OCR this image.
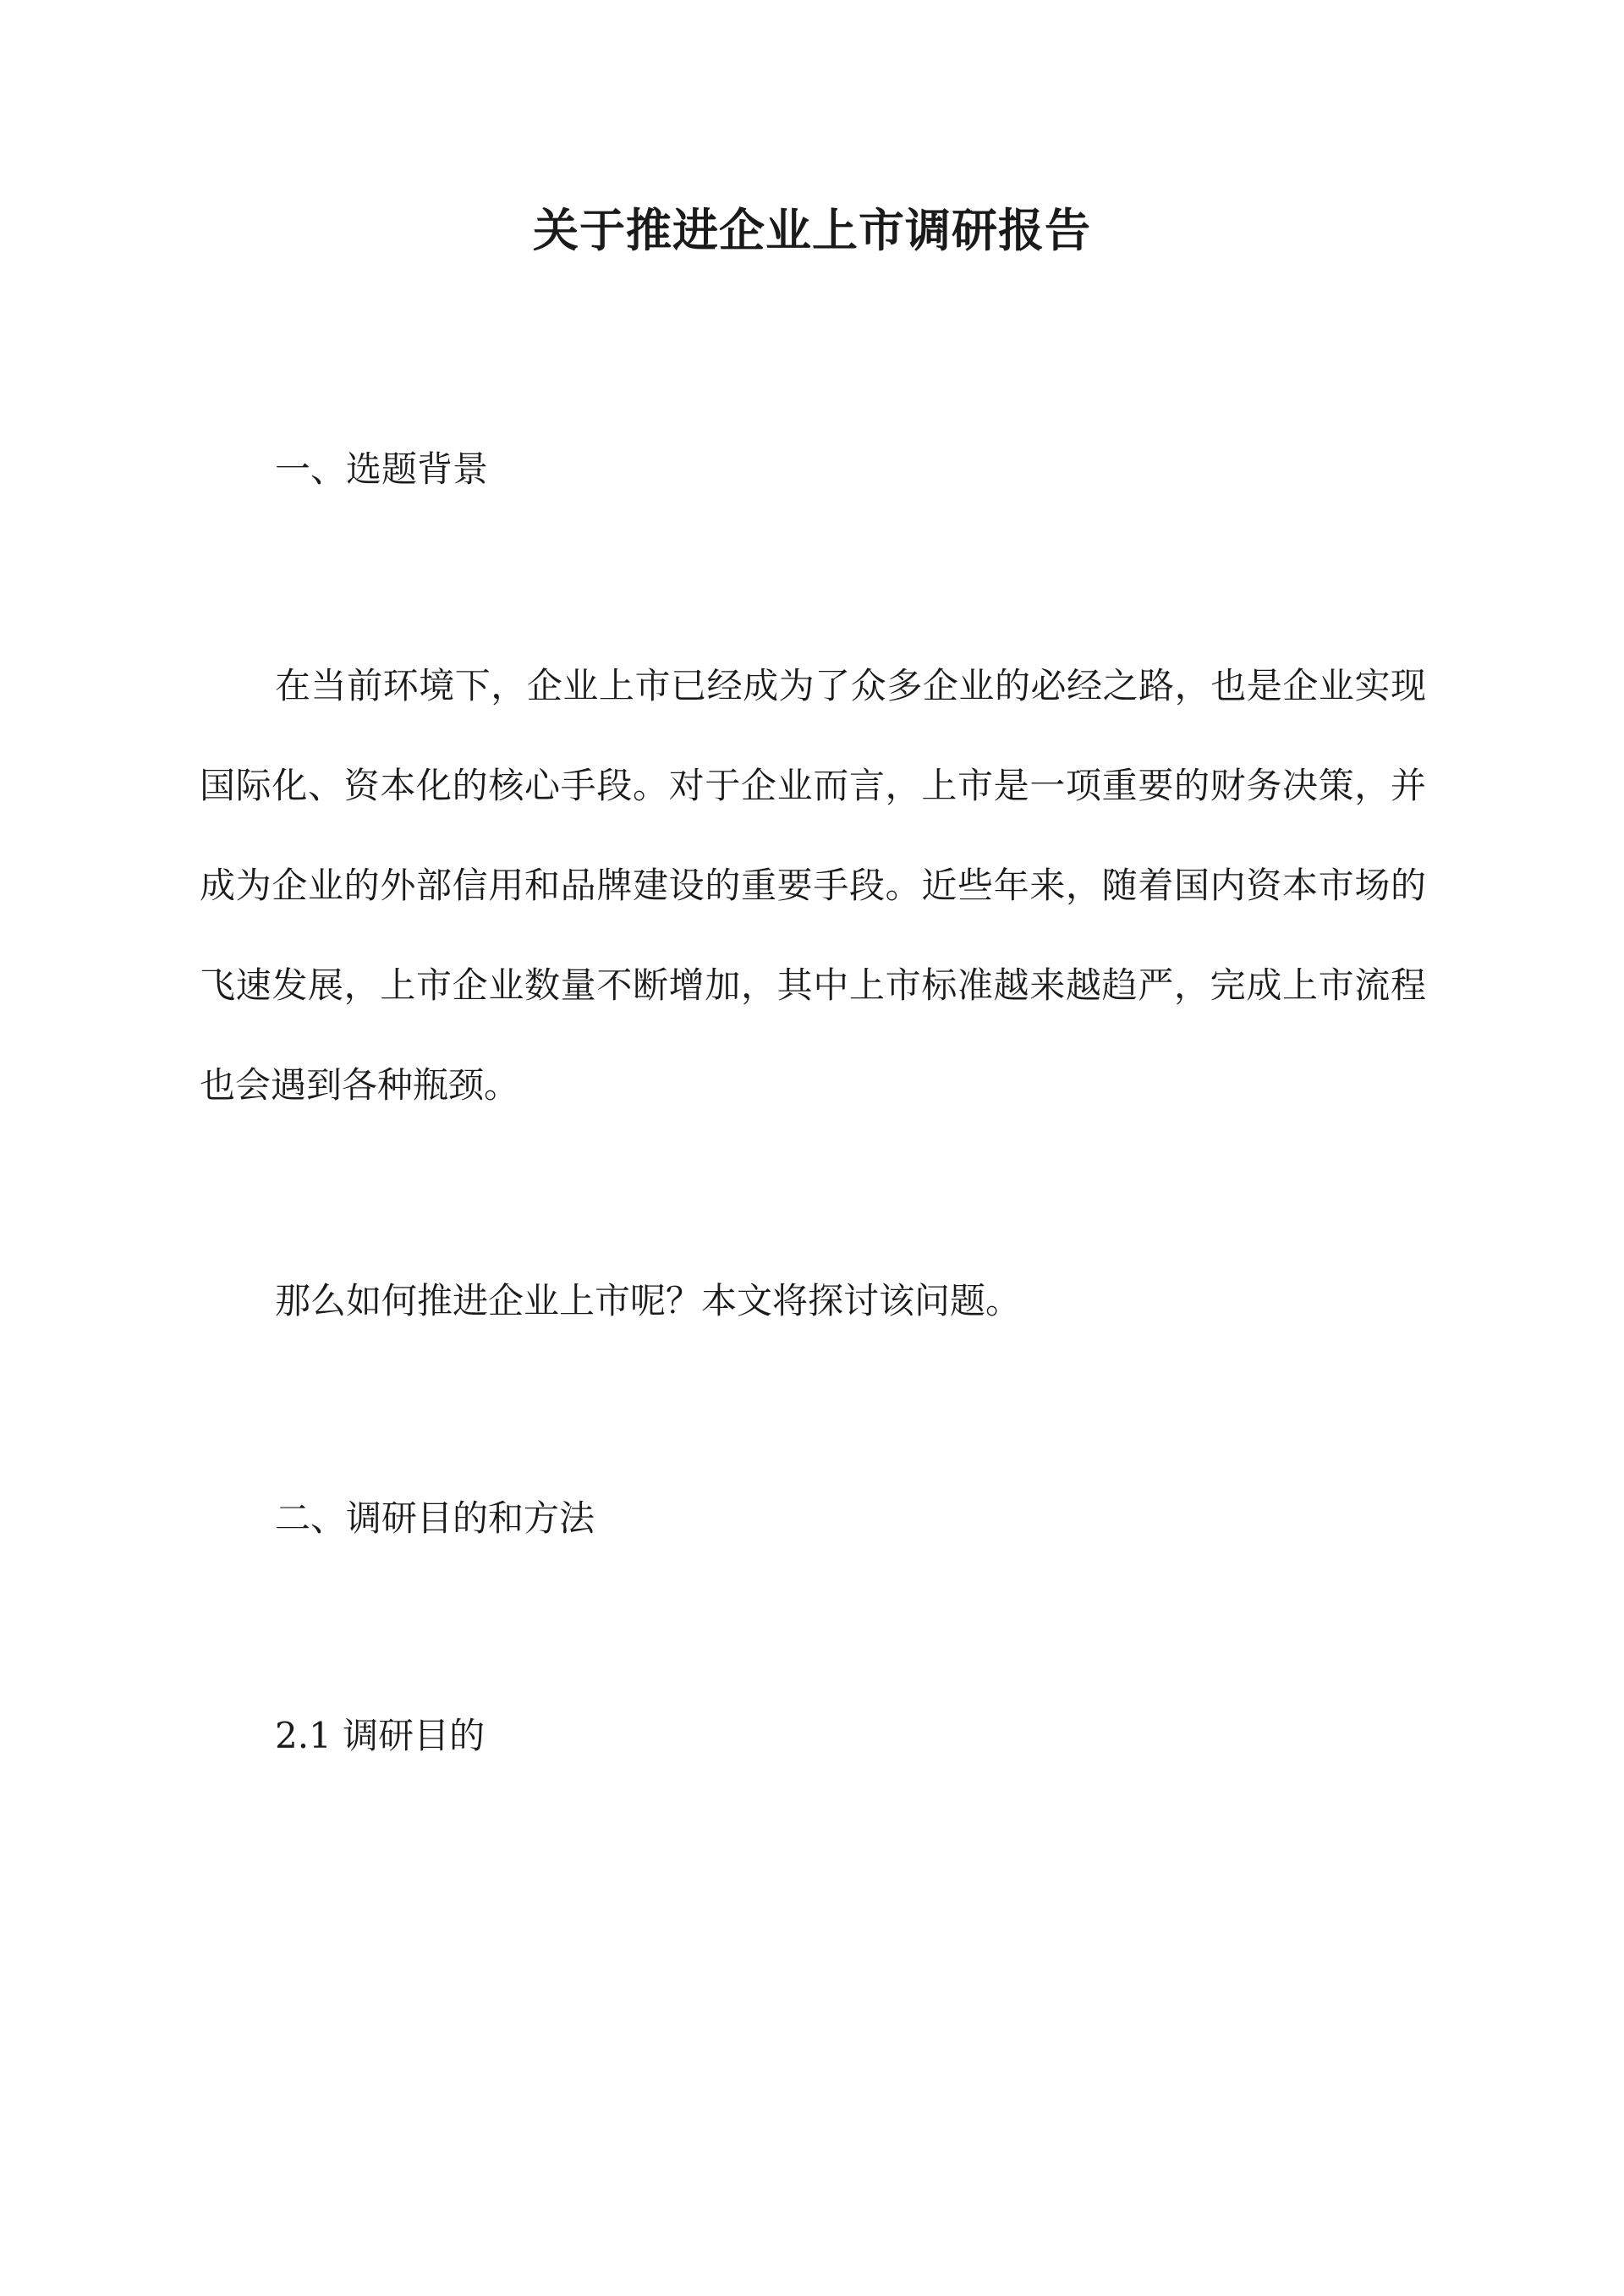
关于推进企业上市调研报告
一、选题背景

在当前环境下，企业上市已经成为了众多企业的必经之路，也是企业实现国际化、资本化的核心手段。对于企业而言，上市是一项重要的财务决策，并成为企业的外部信用和品牌建设的重要手段。近些年来，随着国内资本市场的飞速发展，上市企业数量不断增加，其中上市标准越来越趋严，完成上市流程也会遇到各种瓶颈。

那么如何推进企业上市呢？本文将探讨该问题。

二、调研目的和方法
2.1 调研目的
